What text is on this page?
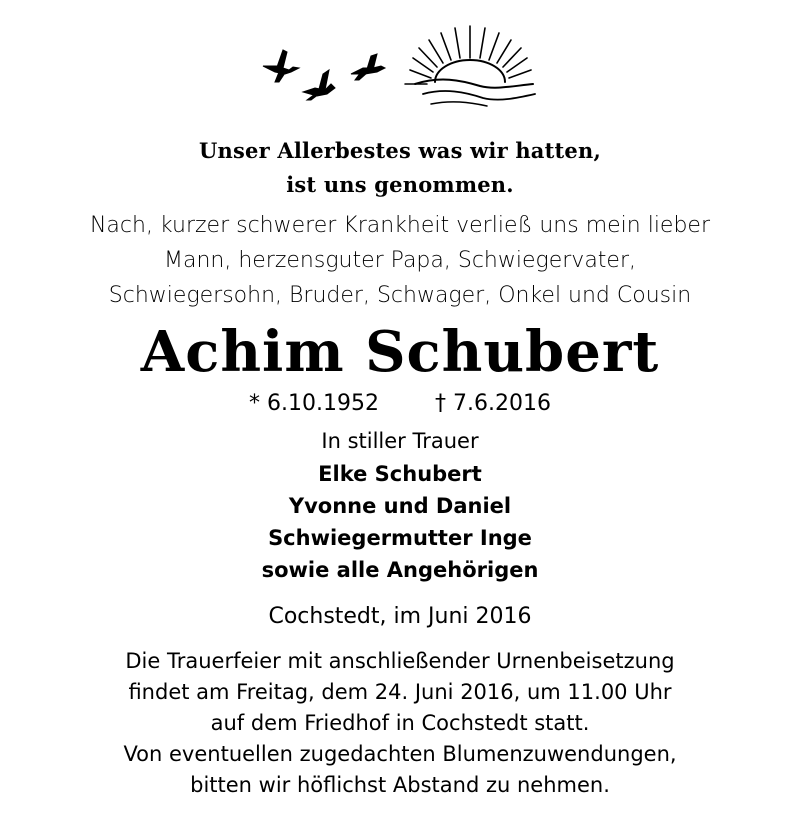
Unser Allerbestes was wir hatten,
ist uns genommen.
Nach, kurzer schwerer Krankheit verließ uns mein lieber
Mann, herzensguter Papa, Schwiegervater,
Schwiegersohn, Bruder, Schwager, Onkel und Cousin
Achim Schubert
* 6.10.1952	† 7.6.2016
In stiller Trauer
Elke Schubert
Yvonne und Daniel
Schwiegermutter Inge
sowie alle Angehörigen
Cochstedt, im Juni 2016
Die Trauerfeier mit anschließender Urnenbeisetzung
findet am Freitag, dem 24. Juni 2016, um 11.00 Uhr
auf dem Friedhof in Cochstedt statt.
Von eventuellen zugedachten Blumenzuwendungen,
bitten wir höflichst Abstand zu nehmen.
